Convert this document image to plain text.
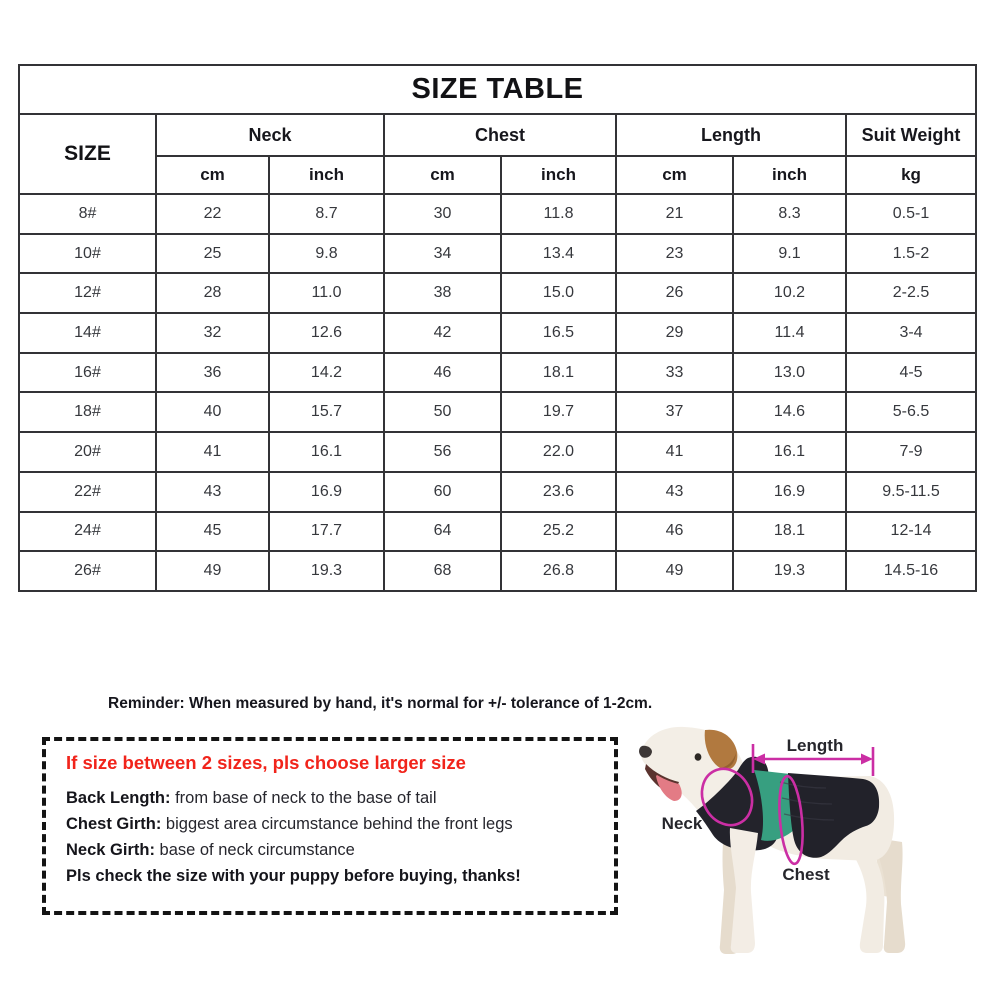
SIZE TABLE							
SIZE	Neck		Chest		Length		Suit Weight
	cm	inch	cm	inch	cm	inch	kg
8#	22	8.7	30	11.8	21	8.3	0.5-1
10#	25	9.8	34	13.4	23	9.1	1.5-2
12#	28	11.0	38	15.0	26	10.2	2-2.5
14#	32	12.6	42	16.5	29	11.4	3-4
16#	36	14.2	46	18.1	33	13.0	4-5
18#	40	15.7	50	19.7	37	14.6	5-6.5
20#	41	16.1	56	22.0	41	16.1	7-9
22#	43	16.9	60	23.6	43	16.9	9.5-11.5
24#	45	17.7	64	25.2	46	18.1	12-14
26#	49	19.3	68	26.8	49	19.3	14.5-16
Reminder: When measured by hand, it's normal for +/- tolerance of 1-2cm.
If size between 2 sizes, pls choose larger size
Back Length: from base of neck to the base of tail
Chest Girth: biggest area circumstance behind the front legs
Neck Girth: base of neck circumstance
Pls check the size with your puppy before buying, thanks!
Length
Neck
Chest
